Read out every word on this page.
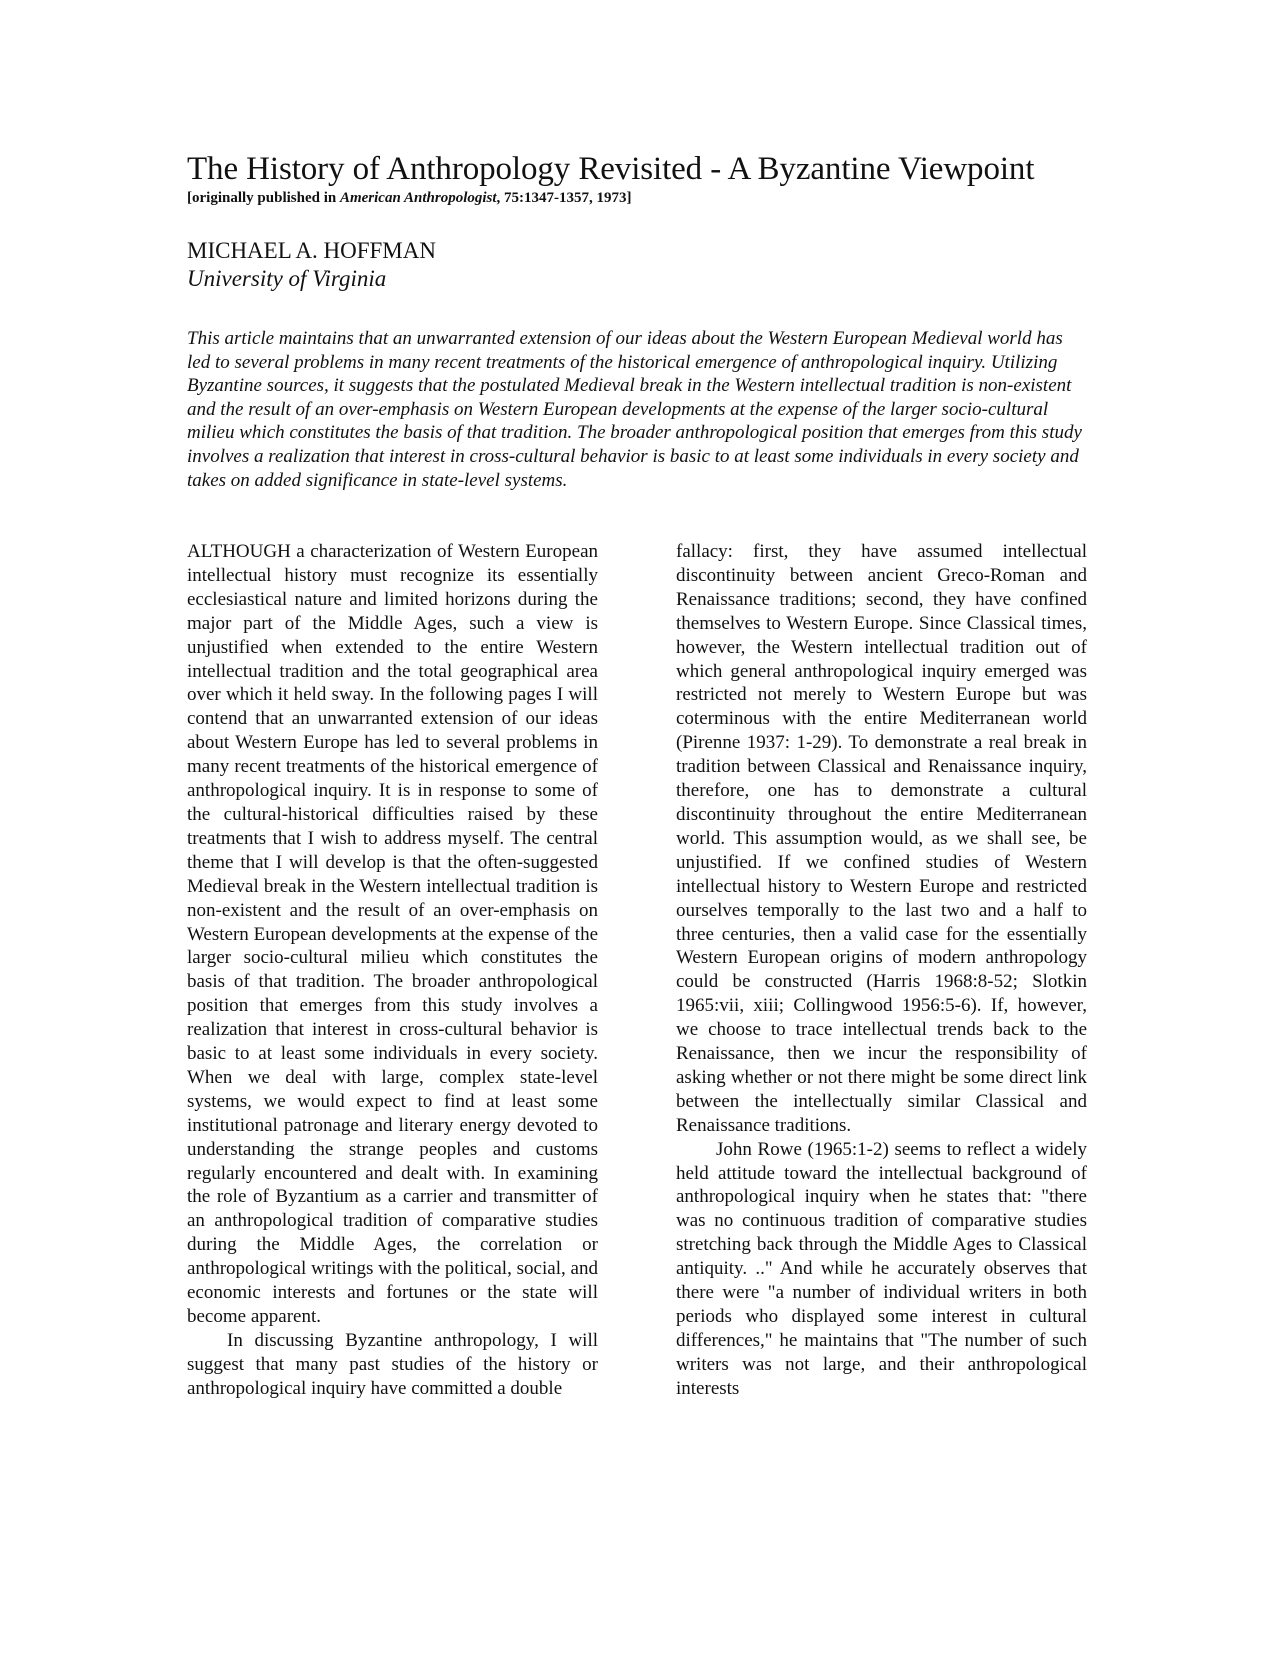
The History of Anthropology Revisited - A Byzantine Viewpoint
[originally published in American Anthropologist, 75:1347-1357, 1973]
MICHAEL A. HOFFMAN
University of Virginia
This article maintains that an unwarranted extension of our ideas about the Western European Medieval world has led to several problems in many recent treatments of the historical emergence of anthropological inquiry. Utilizing Byzantine sources, it suggests that the postulated Medieval break in the Western intellectual tradition is non-existent and the result of an over-emphasis on Western European developments at the expense of the larger socio-cultural milieu which constitutes the basis of that tradition. The broader anthropological position that emerges from this study involves a realization that interest in cross-cultural behavior is basic to at least some individuals in every society and takes on added significance in state-level systems.

ALTHOUGH a characterization of Western European intellectual history must recognize its essentially ecclesiastical nature and limited horizons during the major part of the Middle Ages, such a view is unjustified when extended to the entire Western intellectual tradition and the total geographical area over which it held sway. In the following pages I will contend that an unwarranted extension of our ideas about Western Europe has led to several problems in many recent treatments of the historical emergence of anthropological inquiry. It is in response to some of the cultural-historical difficulties raised by these treatments that I wish to address myself. The central theme that I will develop is that the often-suggested Medieval break in the Western intellectual tradition is non-existent and the result of an over-emphasis on Western European developments at the expense of the larger socio-cultural milieu which constitutes the basis of that tradition. The broader anthropological position that emerges from this study involves a realization that interest in cross-cultural behavior is basic to at least some individuals in every society. When we deal with large, complex state-level systems, we would expect to find at least some institutional patronage and literary energy devoted to understanding the strange peoples and customs regularly encountered and dealt with. In examining the role of Byzantium as a carrier and transmitter of an anthropological tradition of comparative studies during the Middle Ages, the correlation or anthropological writings with the political, social, and economic interests and fortunes or the state will become apparent.

In discussing Byzantine anthropology, I will suggest that many past studies of the history or anthropological inquiry have committed a double

fallacy: first, they have assumed intellectual discontinuity between ancient Greco-Roman and Renaissance traditions; second, they have confined themselves to Western Europe. Since Classical times, however, the Western intellectual tradition out of which general anthropological inquiry emerged was restricted not merely to Western Europe but was coterminous with the entire Mediterranean world (Pirenne 1937: 1-29). To demonstrate a real break in tradition between Classical and Renaissance inquiry, therefore, one has to demonstrate a cultural discontinuity throughout the entire Mediterranean world. This assumption would, as we shall see, be unjustified. If we confined studies of Western intellectual history to Western Europe and restricted ourselves temporally to the last two and a half to three centuries, then a valid case for the essentially Western European origins of modern anthropology could be constructed (Harris 1968:8-52; Slotkin 1965:vii, xiii; Collingwood 1956:5-6). If, however, we choose to trace intellectual trends back to the Renaissance, then we incur the responsibility of asking whether or not there might be some direct link between the intellectually similar Classical and Renaissance traditions.

John Rowe (1965:1-2) seems to reflect a widely held attitude toward the intellectual background of anthropological inquiry when he states that: "there was no continuous tradition of comparative studies stretching back through the Middle Ages to Classical antiquity. .." And while he accurately observes that there were "a number of individual writers in both periods who displayed some interest in cultural differences," he maintains that "The number of such writers was not large, and their anthropological interests
